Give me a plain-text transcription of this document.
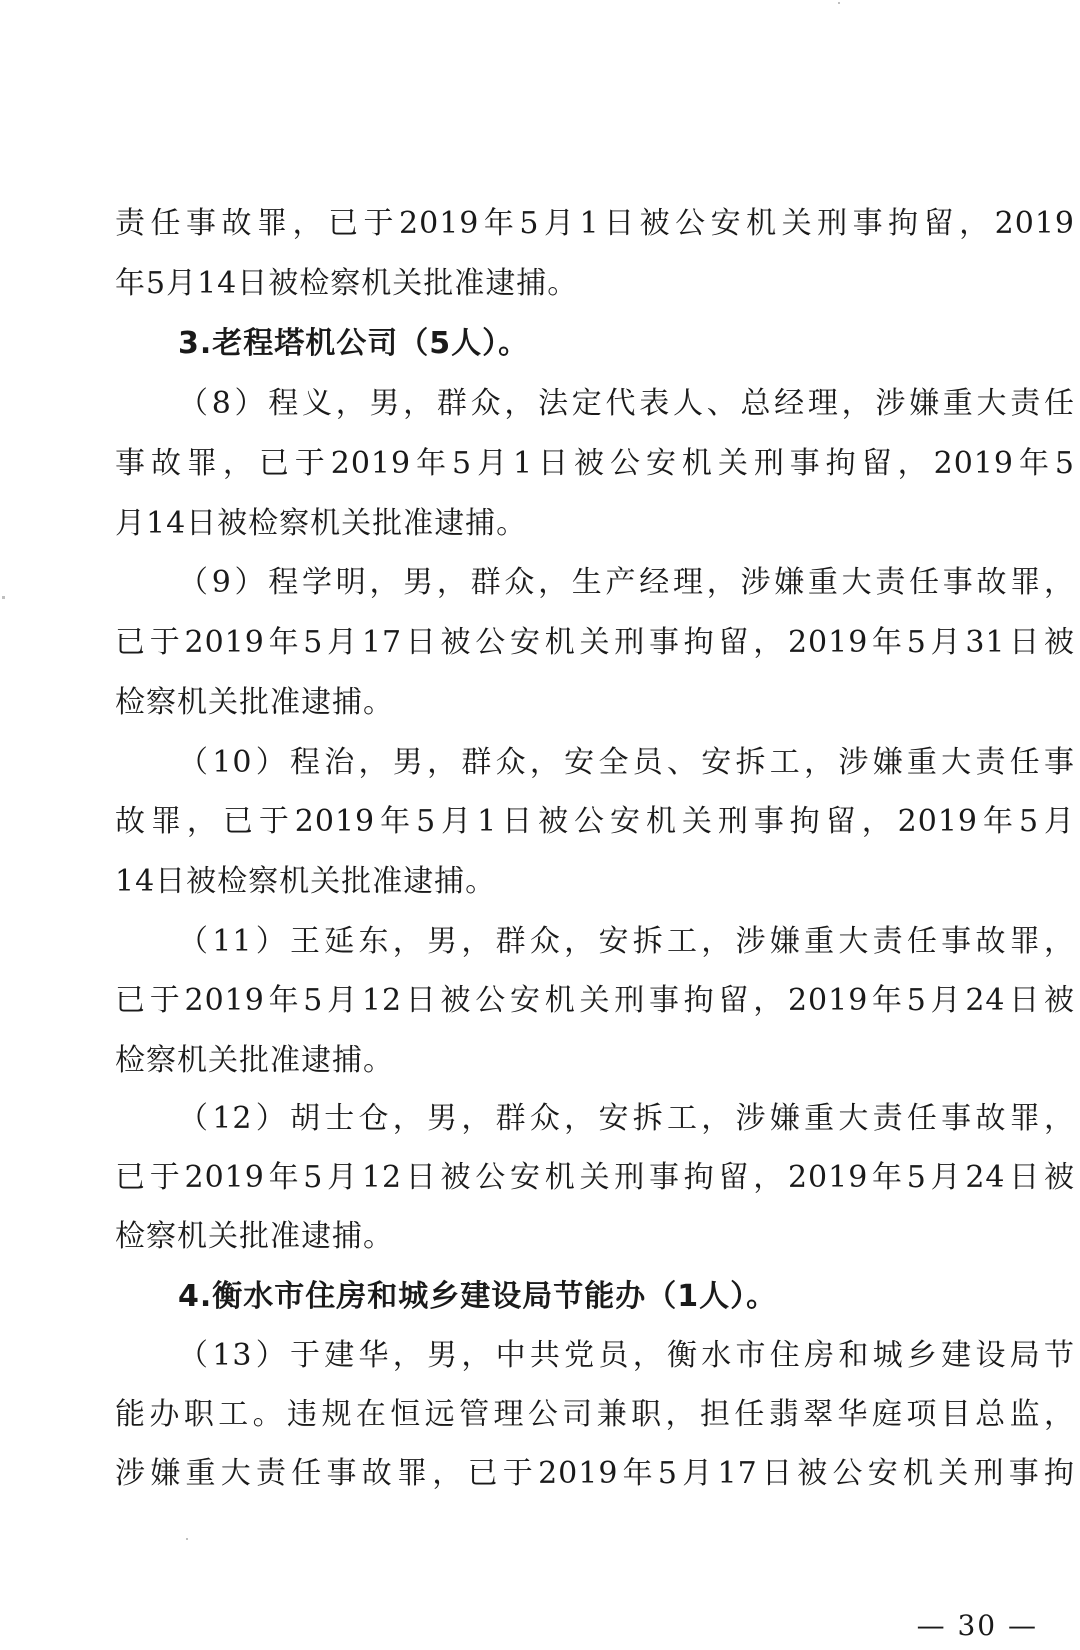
责任事故罪，已于2019年5月1日被公安机关刑事拘留，2019
年5月14日被检察机关批准逮捕。
3.老程塔机公司（5人）。
（8）程义，男，群众，法定代表人、总经理，涉嫌重大责任
事故罪，已于2019年5月1日被公安机关刑事拘留，2019年5
月14日被检察机关批准逮捕。
（9）程学明，男，群众，生产经理，涉嫌重大责任事故罪，
已于2019年5月17日被公安机关刑事拘留，2019年5月31日被
检察机关批准逮捕。
（10）程治，男，群众，安全员、安拆工，涉嫌重大责任事
故罪，已于2019年5月1日被公安机关刑事拘留，2019年5月
14日被检察机关批准逮捕。
（11）王延东，男，群众，安拆工，涉嫌重大责任事故罪，
已于2019年5月12日被公安机关刑事拘留，2019年5月24日被
检察机关批准逮捕。
（12）胡士仓，男，群众，安拆工，涉嫌重大责任事故罪，
已于2019年5月12日被公安机关刑事拘留，2019年5月24日被
检察机关批准逮捕。
4.衡水市住房和城乡建设局节能办（1人）。
（13）于建华，男，中共党员，衡水市住房和城乡建设局节
能办职工。违规在恒远管理公司兼职，担任翡翠华庭项目总监，
涉嫌重大责任事故罪，已于2019年5月17日被公安机关刑事拘
— 30 —
